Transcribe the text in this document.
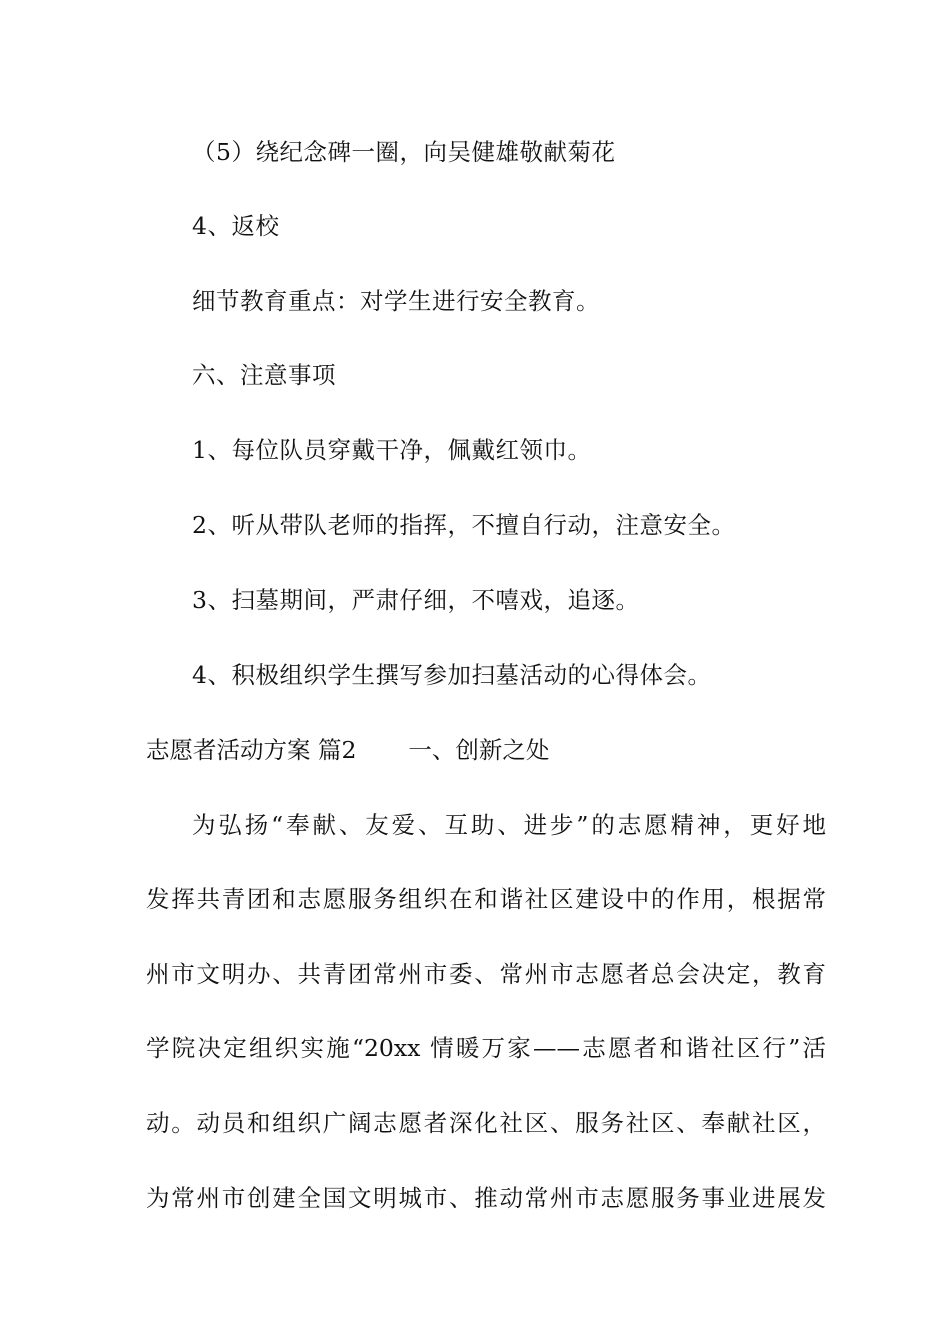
（5）绕纪念碑一圈，向吴健雄敬献菊花
4、返校
细节教育重点：对学生进行安全教育。
六、注意事项
1、每位队员穿戴干净，佩戴红领巾。
2、听从带队老师的指挥，不擅自行动，注意安全。
3、扫墓期间，严肃仔细，不嘻戏，追逐。
4、积极组织学生撰写参加扫墓活动的心得体会。
志愿者活动方案 篇2 一、创新之处
为弘扬“奉献、友爱、互助、进步”的志愿精神，更好地
发挥共青团和志愿服务组织在和谐社区建设中的作用，根据常
州市文明办、共青团常州市委、常州市志愿者总会决定，教育
学院决定组织实施“20xx 情暖万家——志愿者和谐社区行”活
动。动员和组织广阔志愿者深化社区、服务社区、奉献社区，
为常州市创建全国文明城市、推动常州市志愿服务事业进展发
